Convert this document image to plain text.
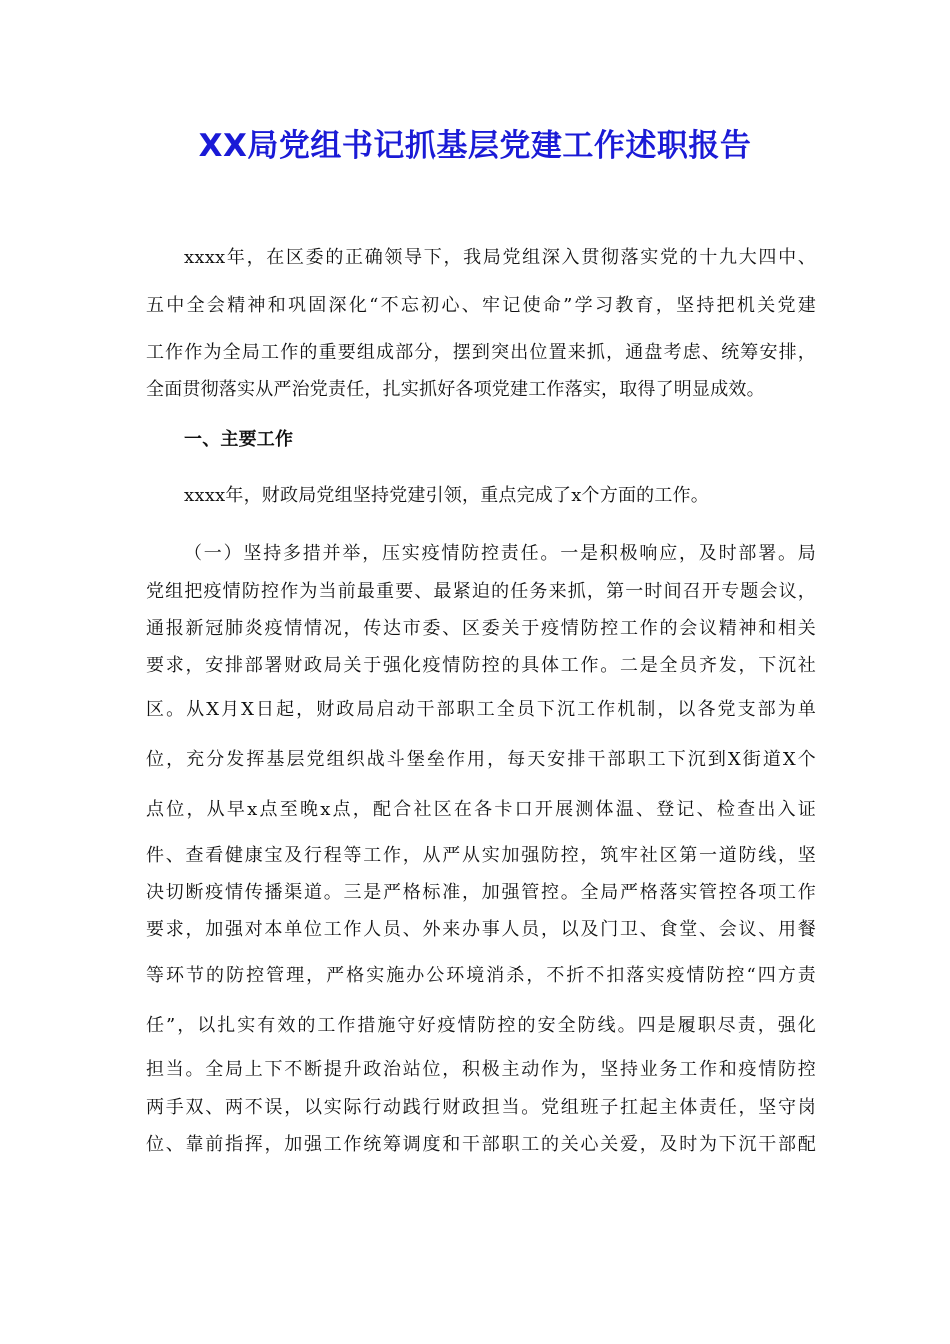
XX局党组书记抓基层党建工作述职报告
xxxx年，在区委的正确领导下，我局党组深入贯彻落实党的十九大四中、
五中全会精神和巩固深化“不忘初心、牢记使命”学习教育，坚持把机关党建
工作作为全局工作的重要组成部分，摆到突出位置来抓，通盘考虑、统筹安排，
全面贯彻落实从严治党责任，扎实抓好各项党建工作落实，取得了明显成效。
一、主要工作
xxxx年，财政局党组坚持党建引领，重点完成了x个方面的工作。
（一）坚持多措并举，压实疫情防控责任。一是积极响应，及时部署。局
党组把疫情防控作为当前最重要、最紧迫的任务来抓，第一时间召开专题会议，
通报新冠肺炎疫情情况，传达市委、区委关于疫情防控工作的会议精神和相关
要求，安排部署财政局关于强化疫情防控的具体工作。二是全员齐发，下沉社
区。从X月X日起，财政局启动干部职工全员下沉工作机制，以各党支部为单
位，充分发挥基层党组织战斗堡垒作用，每天安排干部职工下沉到X街道X个
点位，从早x点至晚x点，配合社区在各卡口开展测体温、登记、检查出入证
件、查看健康宝及行程等工作，从严从实加强防控，筑牢社区第一道防线，坚
决切断疫情传播渠道。三是严格标准，加强管控。全局严格落实管控各项工作
要求，加强对本单位工作人员、外来办事人员，以及门卫、食堂、会议、用餐
等环节的防控管理，严格实施办公环境消杀，不折不扣落实疫情防控“四方责
任”，以扎实有效的工作措施守好疫情防控的安全防线。四是履职尽责，强化
担当。全局上下不断提升政治站位，积极主动作为，坚持业务工作和疫情防控
两手双、两不误，以实际行动践行财政担当。党组班子扛起主体责任，坚守岗
位、靠前指挥，加强工作统筹调度和干部职工的关心关爱，及时为下沉干部配
